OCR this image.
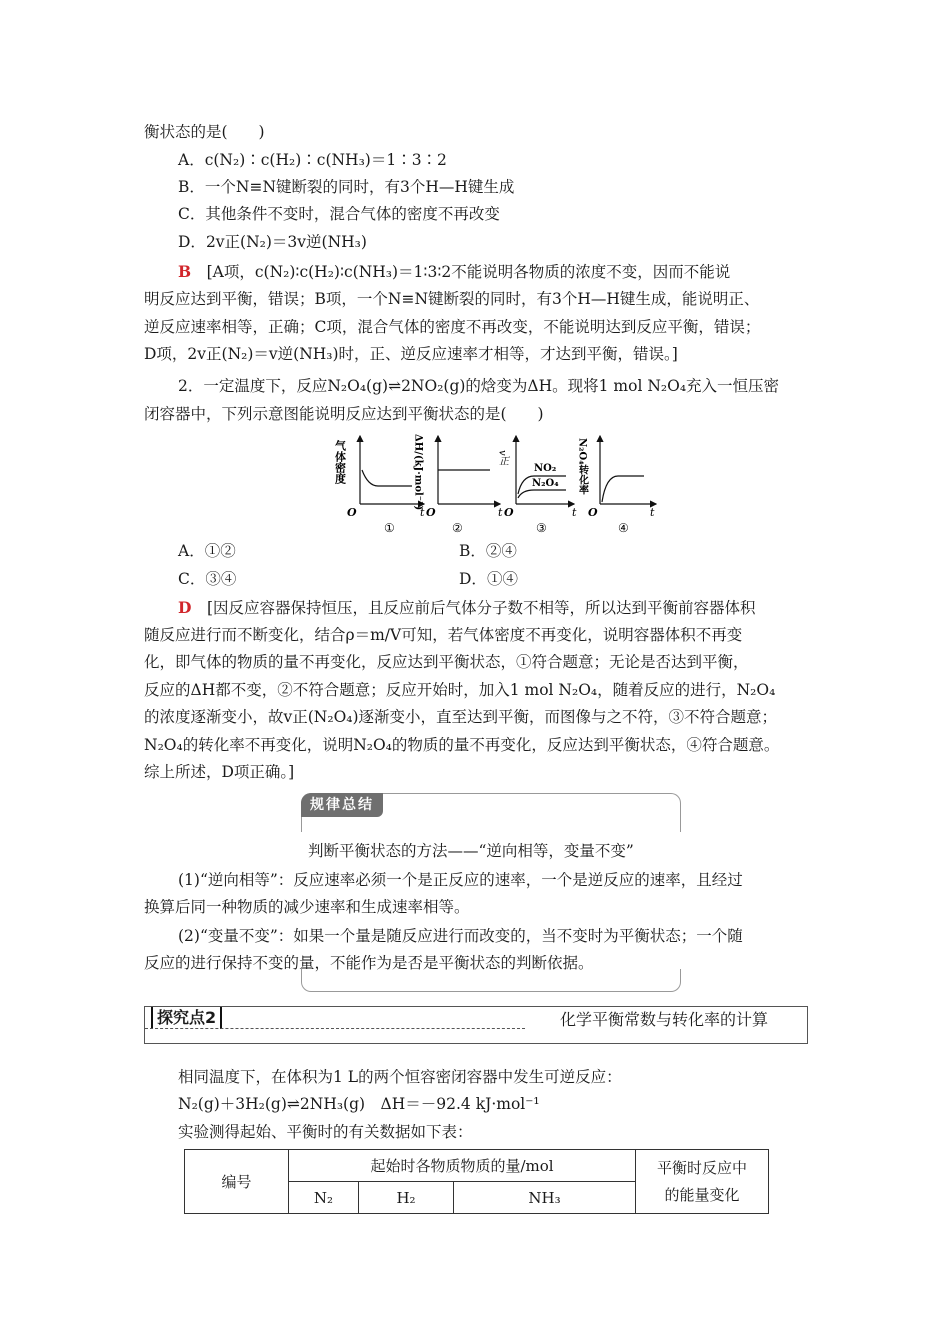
衡状态的是(　　)
A．c(N₂)∶c(H₂)∶c(NH₃)＝1∶3∶2
B．一个N≡N键断裂的同时，有3个H—H键生成
C．其他条件不变时，混合气体的密度不再改变
D．2v正(N₂)＝3v逆(NH₃)
B　 [A项，c(N₂)∶c(H₂)∶c(NH₃)＝1∶3∶2不能说明各物质的浓度不变，因而不能说
明反应达到平衡，错误；B项，一个N≡N键断裂的同时，有3个H—H键生成，能说明正、
逆反应速率相等，正确；C项，混合气体的密度不再改变，不能说明达到反应平衡，错误；
D项，2v正(N₂)＝v逆(NH₃)时，正、逆反应速率才相等，才达到平衡，错误。]
2．一定温度下，反应N₂O₄(g)⇌2NO₂(g)的焓变为ΔH。现将1 mol N₂O₄充入一恒压密
闭容器中，下列示意图能说明反应达到平衡状态的是(　　)
气体密度
O	t
①
ΔH/(kJ·mol⁻¹)
O	t
②
v正
NO₂
N₂O₄
O	t
③
N₂O₄转化率
O	t
④
A．①②	B．②④
C．③④	D．①④
D　 [因反应容器保持恒压，且反应前后气体分子数不相等，所以达到平衡前容器体积
随反应进行而不断变化，结合ρ＝m/V可知，若气体密度不再变化，说明容器体积不再变
化，即气体的物质的量不再变化，反应达到平衡状态，①符合题意；无论是否达到平衡，
反应的ΔH都不变，②不符合题意；反应开始时，加入1 mol N₂O₄，随着反应的进行，N₂O₄
的浓度逐渐变小，故v正(N₂O₄)逐渐变小，直至达到平衡，而图像与之不符，③不符合题意；
N₂O₄的转化率不再变化，说明N₂O₄的物质的量不再变化，反应达到平衡状态，④符合题意。
综上所述，D项正确。]
规律总结
判断平衡状态的方法——“逆向相等，变量不变”
(1)“逆向相等”：反应速率必须一个是正反应的速率，一个是逆反应的速率，且经过
换算后同一种物质的减少速率和生成速率相等。
(2)“变量不变”：如果一个量是随反应进行而改变的，当不变时为平衡状态；一个随
反应的进行保持不变的量，不能作为是否是平衡状态的判断依据。
探究点2	化学平衡常数与转化率的计算
相同温度下，在体积为1 L的两个恒容密闭容器中发生可逆反应：
N₂(g)＋3H₂(g)⇌2NH₃(g)　ΔH＝－92.4 kJ·mol⁻¹
实验测得起始、平衡时的有关数据如下表：
编号	起始时各物质物质的量/mol			平衡时反应中
的能量变化

	N₂	H₂	NH₃	
